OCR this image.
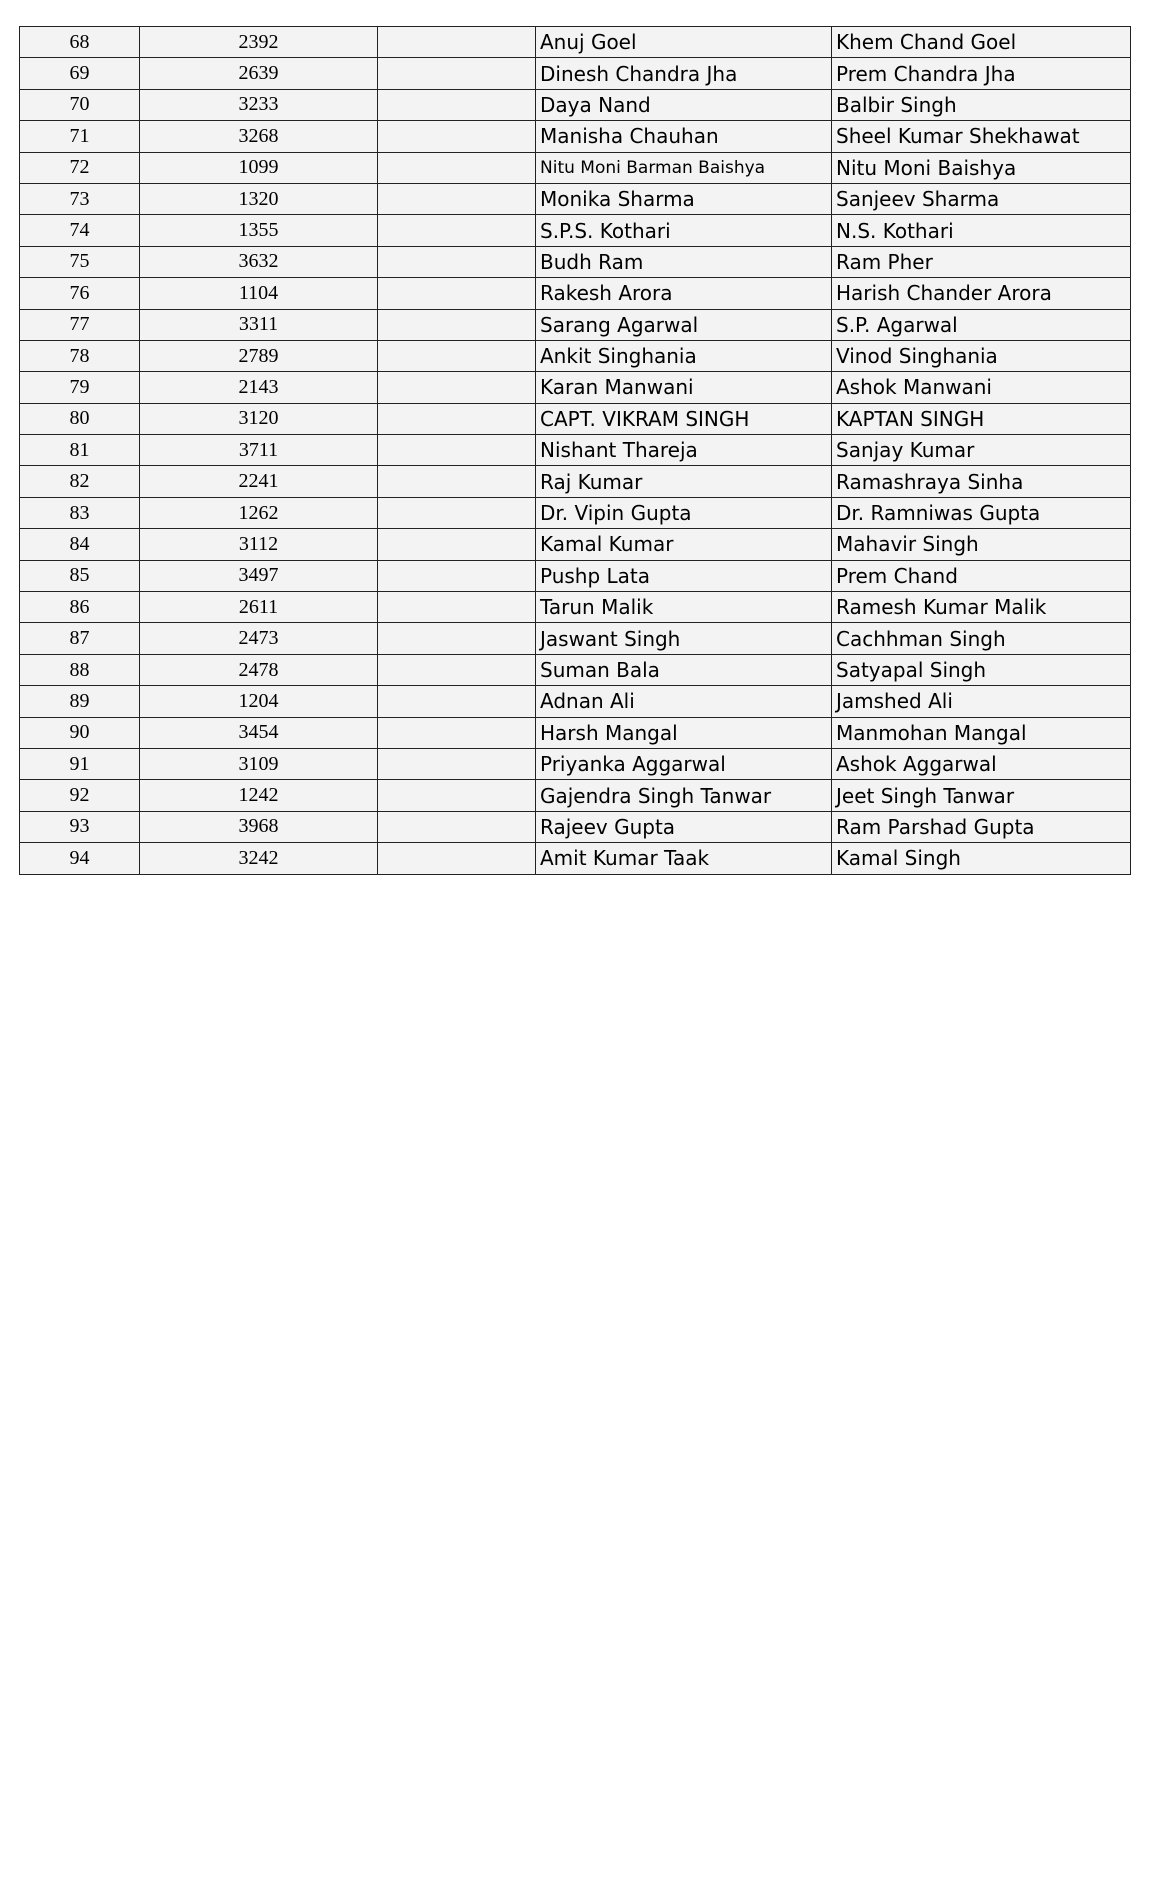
68	2392		Anuj Goel	Khem Chand Goel
69	2639		Dinesh Chandra Jha	Prem Chandra Jha
70	3233		Daya Nand	Balbir Singh
71	3268		Manisha Chauhan	Sheel Kumar Shekhawat
72	1099		Nitu Moni Barman Baishya	Nitu Moni Baishya
73	1320		Monika Sharma	Sanjeev Sharma
74	1355		S.P.S. Kothari	N.S. Kothari
75	3632		Budh Ram	Ram Pher
76	1104		Rakesh Arora	Harish Chander Arora
77	3311		Sarang Agarwal	S.P. Agarwal
78	2789		Ankit Singhania	Vinod Singhania
79	2143		Karan Manwani	Ashok Manwani
80	3120		CAPT. VIKRAM SINGH	KAPTAN SINGH
81	3711		Nishant Thareja	Sanjay Kumar
82	2241		Raj Kumar	Ramashraya Sinha
83	1262		Dr. Vipin Gupta	Dr. Ramniwas Gupta
84	3112		Kamal Kumar	Mahavir Singh
85	3497		Pushp Lata	Prem Chand
86	2611		Tarun Malik	Ramesh Kumar Malik
87	2473		Jaswant Singh	Cachhman Singh
88	2478		Suman Bala	Satyapal Singh
89	1204		Adnan Ali	Jamshed Ali
90	3454		Harsh Mangal	Manmohan Mangal
91	3109		Priyanka Aggarwal	Ashok Aggarwal
92	1242		Gajendra Singh Tanwar	Jeet Singh Tanwar
93	3968		Rajeev Gupta	Ram Parshad Gupta
94	3242		Amit Kumar Taak	Kamal Singh
